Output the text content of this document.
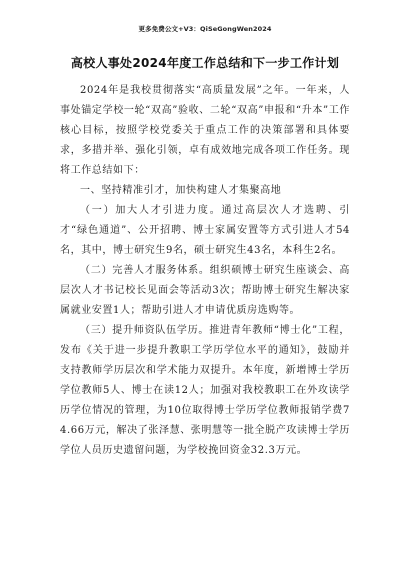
更多免费公文+V3：QiSeGongWen2024
高校人事处2024年度工作总结和下一步工作计划

2024年是我校贯彻落实“高质量发展”之年。一年来，人事处锚定学校一轮“双高”验收、二轮“双高”申报和“升本”工作核心目标，按照学校党委关于重点工作的决策部署和具体要求，多措并举、强化引领，卓有成效地完成各项工作任务。现将工作总结如下：

一、坚持精准引才，加快构建人才集聚高地

（一）加大人才引进力度。通过高层次人才选聘、引才“绿色通道”、公开招聘、博士家属安置等方式引进人才54名，其中，博士研究生9名，硕士研究生43名，本科生2名。

（二）完善人才服务体系。组织硕博士研究生座谈会、高层次人才书记校长见面会等活动3次；帮助博士研究生解决家属就业安置1人；帮助引进人才申请优质房选购等。

（三）提升师资队伍学历。推进青年教师“博士化”工程，发布《关于进一步提升教职工学历学位水平的通知》，鼓励并支持教师学历层次和学术能力双提升。本年度，新增博士学历学位教师5人、博士在读12人；加强对我校教职工在外攻读学历学位情况的管理，为10位取得博士学历学位教师报销学费74.66万元，解决了张泽慧、张明慧等一批全脱产攻读博士学历学位人员历史遗留问题，为学校挽回资金32.3万元。
